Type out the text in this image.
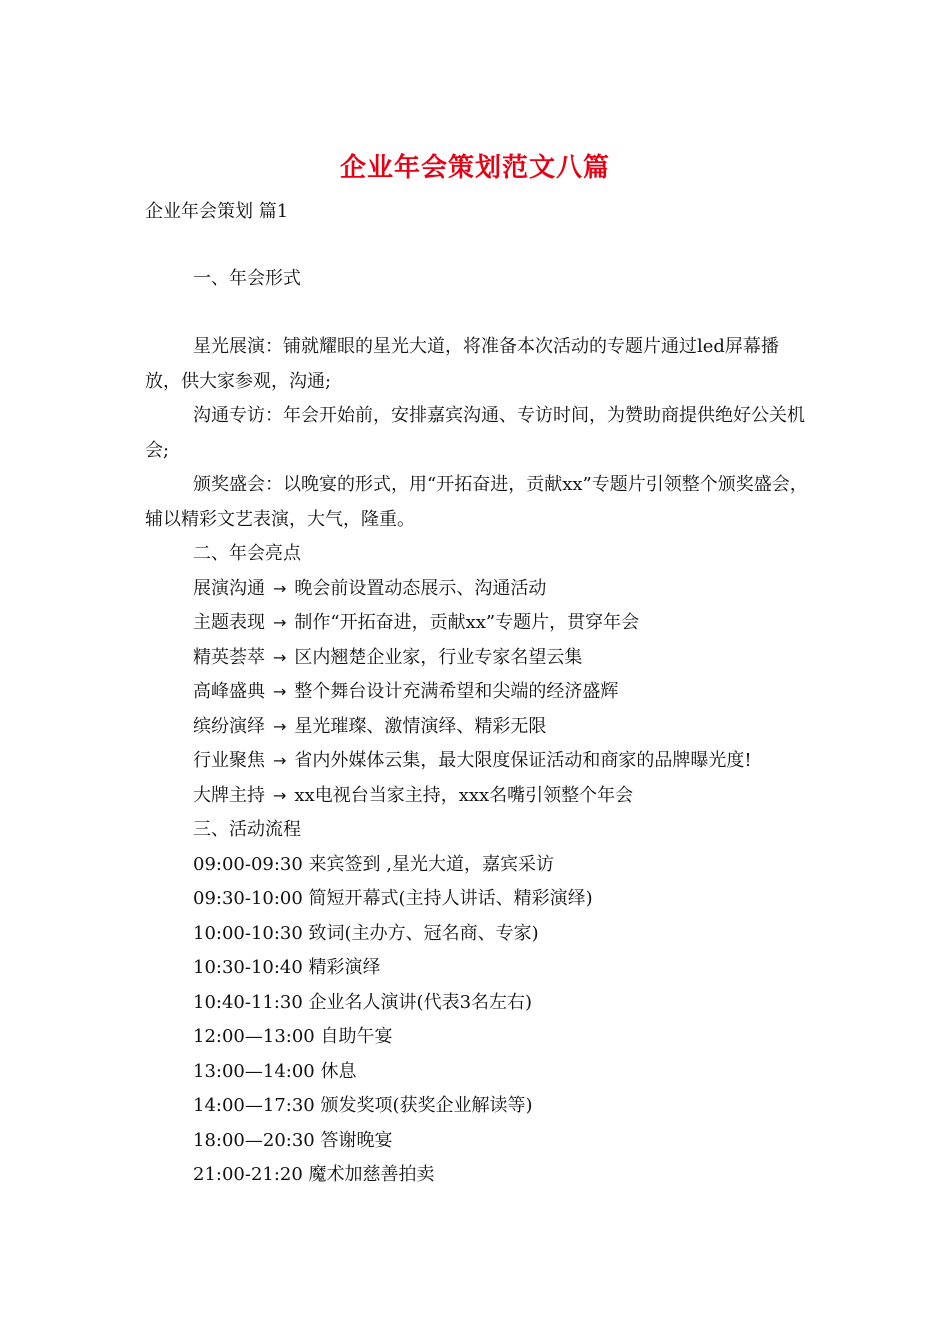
企业年会策划范文八篇
企业年会策划 篇1

一、年会形式

星光展演：铺就耀眼的星光大道，将准备本次活动的专题片通过led屏幕播放，供大家参观，沟通;

沟通专访：年会开始前，安排嘉宾沟通、专访时间，为赞助商提供绝好公关机会;

颁奖盛会：以晚宴的形式，用“开拓奋进，贡献xx”专题片引领整个颁奖盛会，辅以精彩文艺表演，大气，隆重。

二、年会亮点

展演沟通 → 晚会前设置动态展示、沟通活动

主题表现 → 制作“开拓奋进，贡献xx”专题片，贯穿年会

精英荟萃 → 区内翘楚企业家，行业专家名望云集

高峰盛典 → 整个舞台设计充满希望和尖端的经济盛辉

缤纷演绎 → 星光璀璨、激情演绎、精彩无限

行业聚焦 → 省内外媒体云集，最大限度保证活动和商家的品牌曝光度!

大牌主持 → xx电视台当家主持，xxx名嘴引领整个年会

三、活动流程

09:00-09:30 来宾签到 ,星光大道，嘉宾采访

09:30-10:00 简短开幕式(主持人讲话、精彩演绎)

10:00-10:30 致词(主办方、冠名商、专家)

10:30-10:40 精彩演绎

10:40-11:30 企业名人演讲(代表3名左右)

12:00—13:00 自助午宴

13:00—14:00 休息

14:00—17:30 颁发奖项(获奖企业解读等)

18:00—20:30 答谢晚宴

21:00-21:20 魔术加慈善拍卖
